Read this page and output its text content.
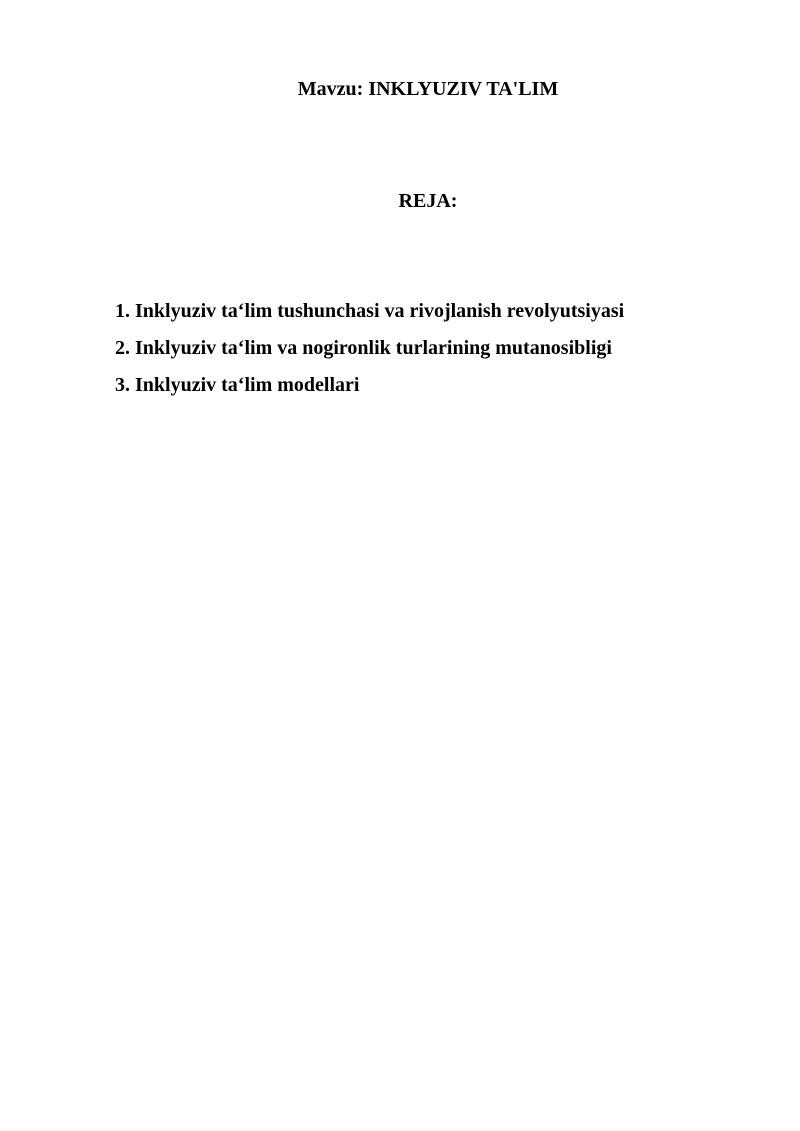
Mavzu: INKLYUZIV TA'LIM
REJA:
1. Inklyuziv ta‘lim tushunchasi va rivojlanish revolyutsiyasi
2. Inklyuziv ta‘lim va nogironlik turlarining mutanosibligi
3. Inklyuziv ta‘lim modellari
